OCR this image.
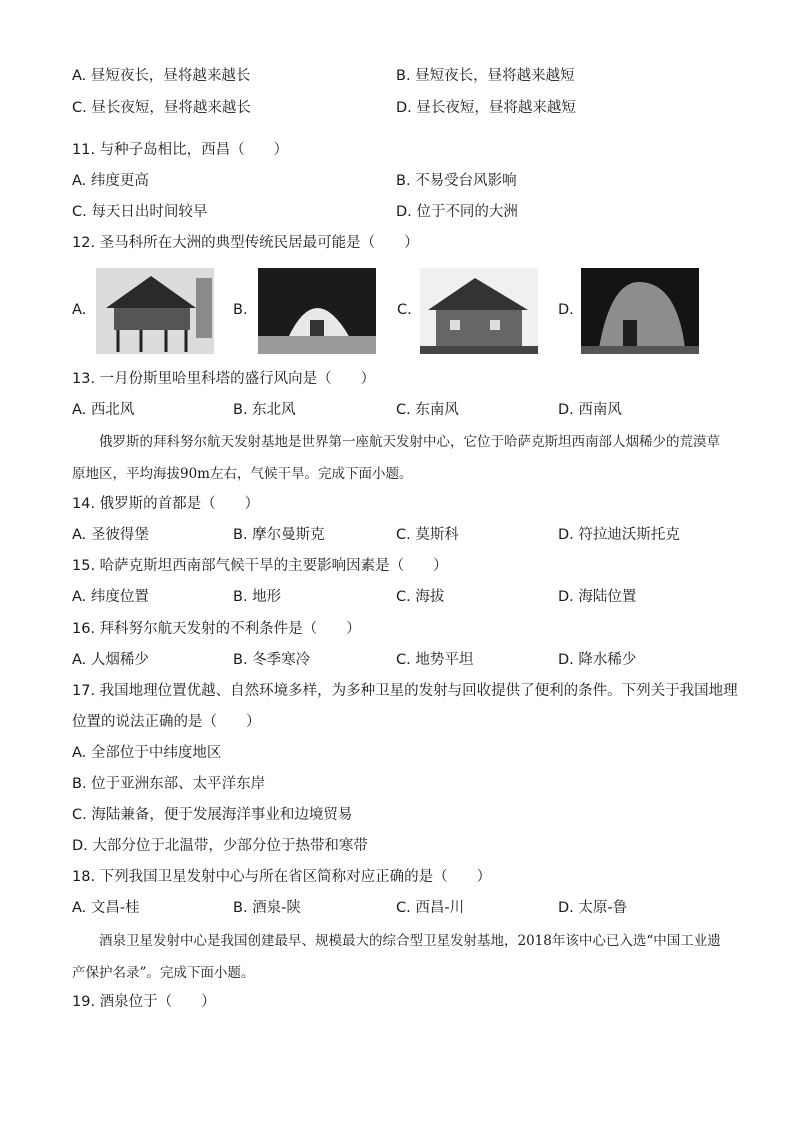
A. 昼短夜长，昼将越来越长	B. 昼短夜长，昼将越来越短
C. 昼长夜短，昼将越来越长	D. 昼长夜短，昼将越来越短
11. 与种子岛相比，西昌（　　）
A. 纬度更高	B. 不易受台风影响
C. 每天日出时间较早	D. 位于不同的大洲
12. 圣马科所在大洲的典型传统民居最可能是（　　）
A.	B.	C.	D.
13. 一月份斯里哈里科塔的盛行风向是（　　）
A. 西北风	B. 东北风	C. 东南风	D. 西南风
俄罗斯的拜科努尔航天发射基地是世界第一座航天发射中心，它位于哈萨克斯坦西南部人烟稀少的荒漠草原地区，平均海拔90m左右，气候干旱。完成下面小题。
14. 俄罗斯的首都是（　　）
A. 圣彼得堡	B. 摩尔曼斯克	C. 莫斯科	D. 符拉迪沃斯托克
15. 哈萨克斯坦西南部气候干旱的主要影响因素是（　　）
A. 纬度位置	B. 地形	C. 海拔	D. 海陆位置
16. 拜科努尔航天发射的不利条件是（　　）
A. 人烟稀少	B. 冬季寒冷	C. 地势平坦	D. 降水稀少
17. 我国地理位置优越、自然环境多样，为多种卫星的发射与回收提供了便利的条件。下列关于我国地理
位置的说法正确的是（　　）
A. 全部位于中纬度地区
B. 位于亚洲东部、太平洋东岸
C. 海陆兼备，便于发展海洋事业和边境贸易
D. 大部分位于北温带，少部分位于热带和寒带
18. 下列我国卫星发射中心与所在省区简称对应正确的是（　　）
A. 文昌-桂	B. 酒泉-陕	C. 西昌-川	D. 太原-鲁
酒泉卫星发射中心是我国创建最早、规模最大的综合型卫星发射基地，2018年该中心已入选“中国工业遗产保护名录”。完成下面小题。
19. 酒泉位于（　　）
